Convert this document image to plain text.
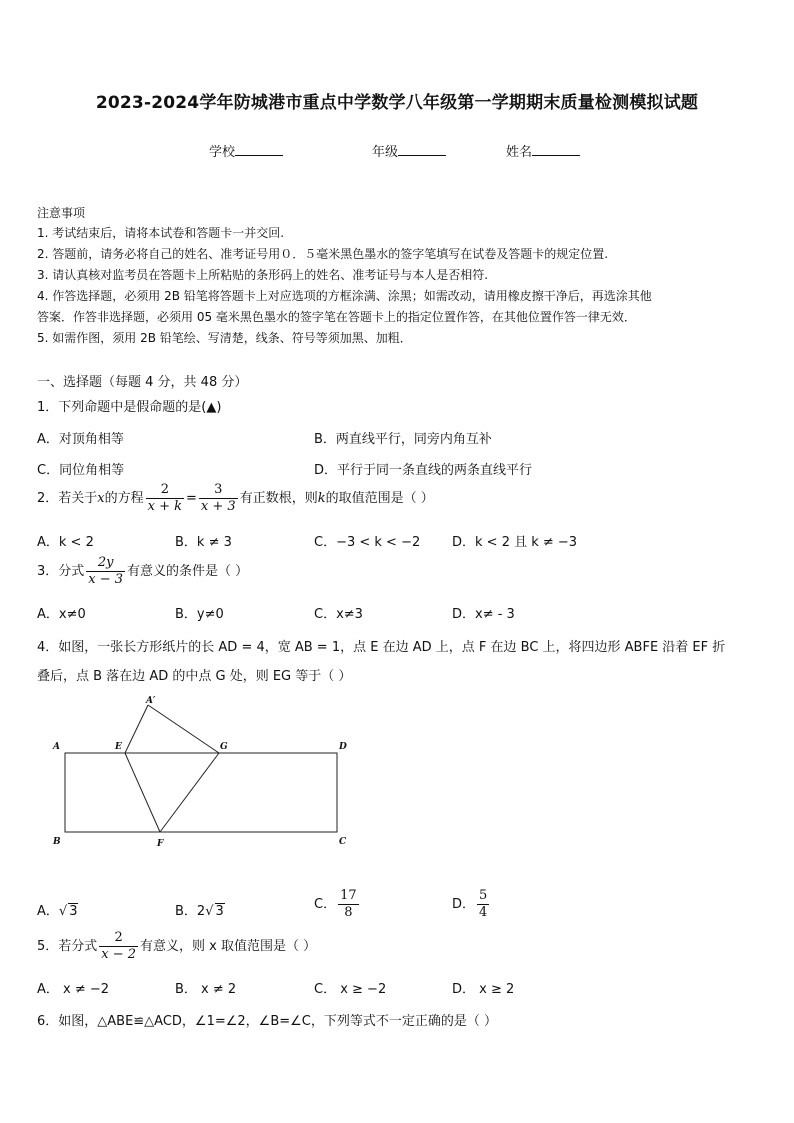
2023-2024学年防城港市重点中学数学八年级第一学期期末质量检测模拟试题
学校	年级	姓名
注意事项
1. 考试结束后，请将本试卷和答题卡一并交回.
2. 答题前，请务必将自己的姓名、准考证号用０．５毫米黑色墨水的签字笔填写在试卷及答题卡的规定位置.
3. 请认真核对监考员在答题卡上所粘贴的条形码上的姓名、准考证号与本人是否相符.
4. 作答选择题，必须用 2B 铅笔将答题卡上对应选项的方框涂满、涂黑；如需改动，请用橡皮擦干净后，再选涂其他
答案．作答非选择题，必须用 05 毫米黑色墨水的签字笔在答题卡上的指定位置作答，在其他位置作答一律无效．
5. 如需作图，须用 2B 铅笔绘、写清楚，线条、符号等须加黑、加粗．
一、选择题（每题 4 分，共 48 分）
1．下列命题中是假命题的是(▲)
A．对顶角相等	B．两直线平行，同旁内角互补
C．同位角相等	D．平行于同一条直线的两条直线平行
2．若关于x的方程 $\frac{2}{x + k} = \frac{3}{x + 3}$ 有正数根，则k的取值范围是（ ）
A．k < 2	B．k ≠ 3	C．−3 < k < −2 D．k < 2 且 k ≠ −3
3．分式 $\frac{2y}{x - 3}$ 有意义的条件是（ ）
A．x≠0	B．y≠0	C．x≠3	D．x≠ - 3
4．如图，一张长方形纸片的长 AD = 4，宽 AB = 1，点 E 在边 AD 上，点 F 在边 BC 上，将四边形 ABFE 沿着 EF 折
叠后，点 B 落在边 AD 的中点 G 处，则 EG 等于（ ）
A′
A	E	G	D
B	F	C
A．√ 3	B．2√ 3	C． $\frac{17}{8}$	D． $\frac{5}{4}$
5．若分式 $\frac{2}{x - 2}$ 有意义，则 x 取值范围是（ ）
A． x ≠ −2	B． x ≠ 2	C． x ≥ −2	D． x ≥ 2
6．如图，△ABE≌△ACD，∠1=∠2，∠B=∠C，下列等式不一定正确的是（ ）
